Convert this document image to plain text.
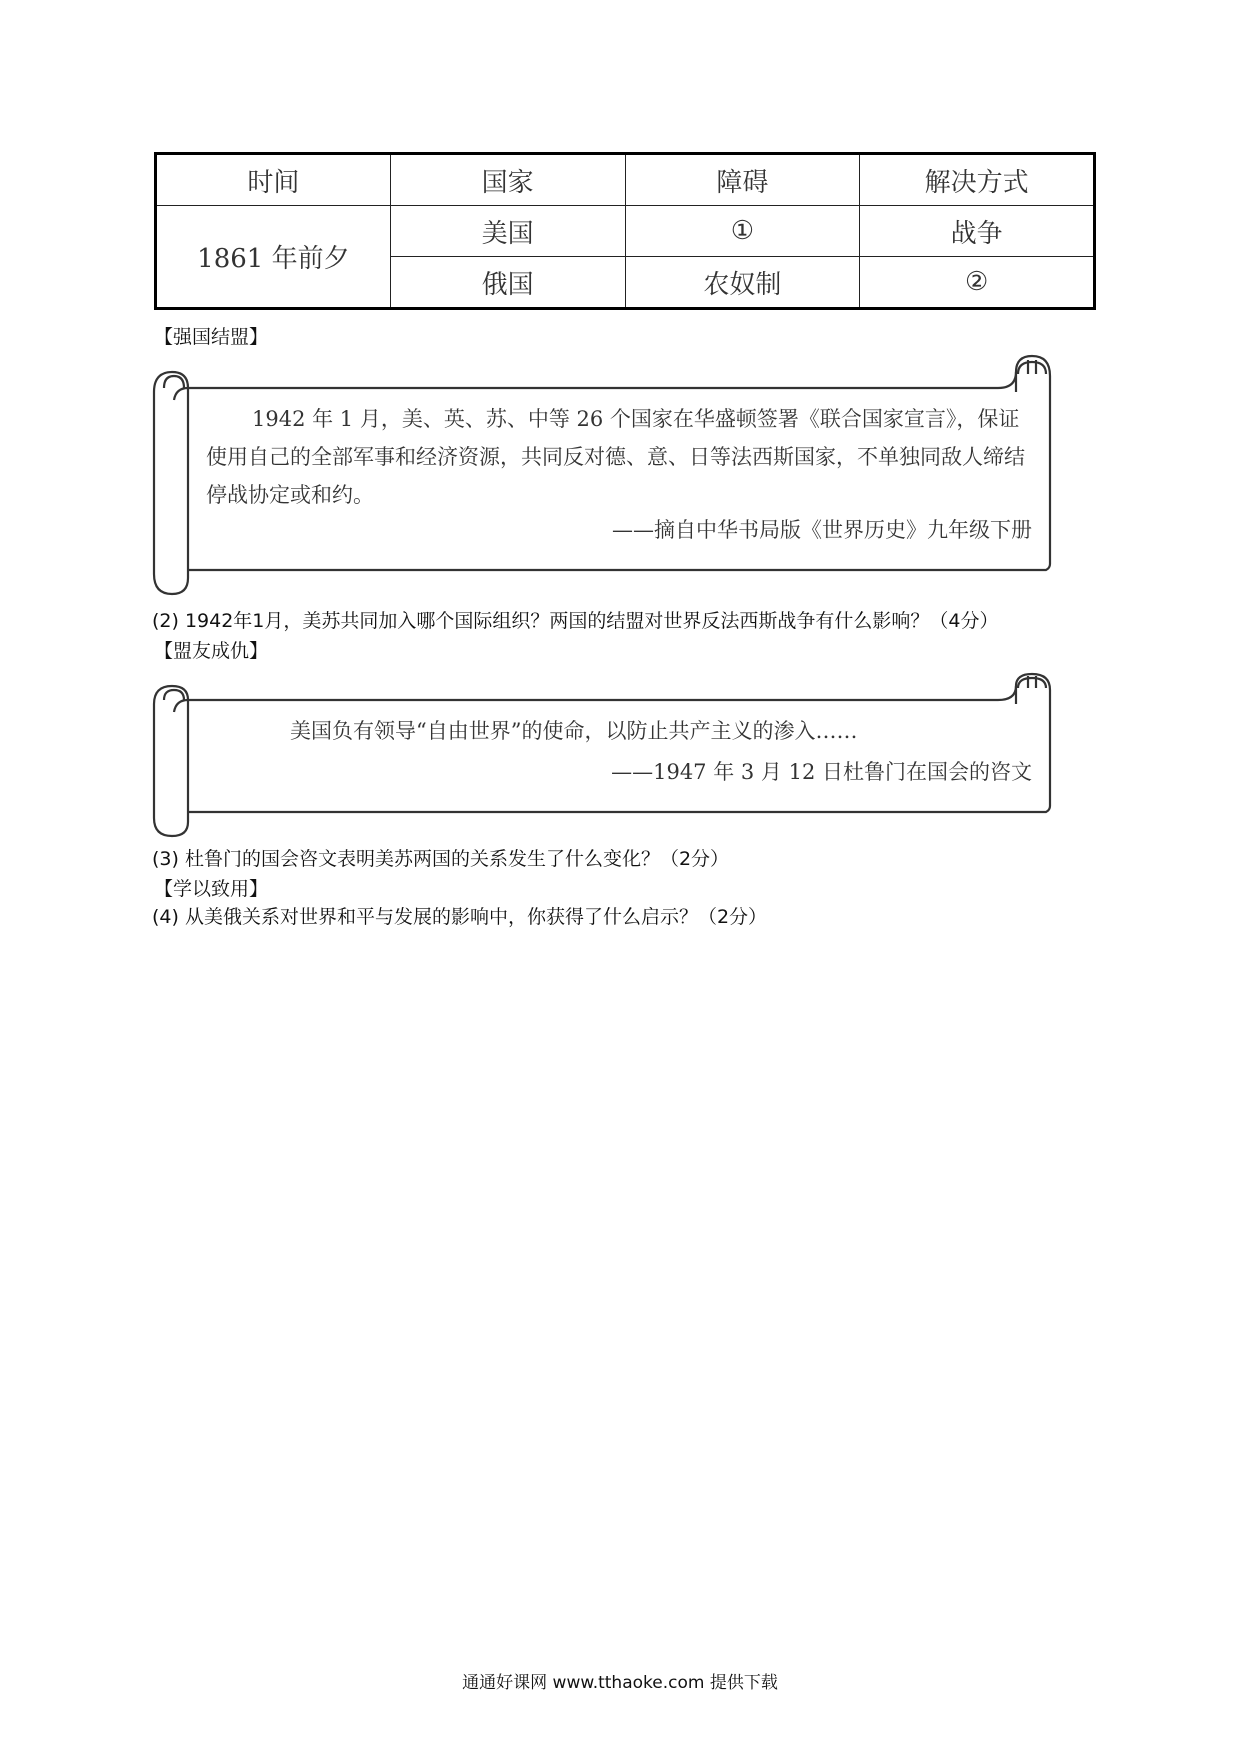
时间	国家	障碍	解决方式
1861 年前夕	美国	①	战争
	俄国	农奴制	②
【强国结盟】
1942 年 1 月，美、英、苏、中等 26 个国家在华盛顿签署《联合国家宣言》，保证使用自己的全部军事和经济资源，共同反对德、意、日等法西斯国家，不单独同敌人缔结停战协定或和约。
——摘自中华书局版《世界历史》九年级下册
(2) 1942年1月，美苏共同加入哪个国际组织？两国的结盟对世界反法西斯战争有什么影响？（4分）
【盟友成仇】
美国负有领导“自由世界”的使命，以防止共产主义的渗入……
——1947 年 3 月 12 日杜鲁门在国会的咨文
(3) 杜鲁门的国会咨文表明美苏两国的关系发生了什么变化？（2分）
【学以致用】
(4) 从美俄关系对世界和平与发展的影响中，你获得了什么启示？（2分）
通通好课网 www.tthaoke.com 提供下载
